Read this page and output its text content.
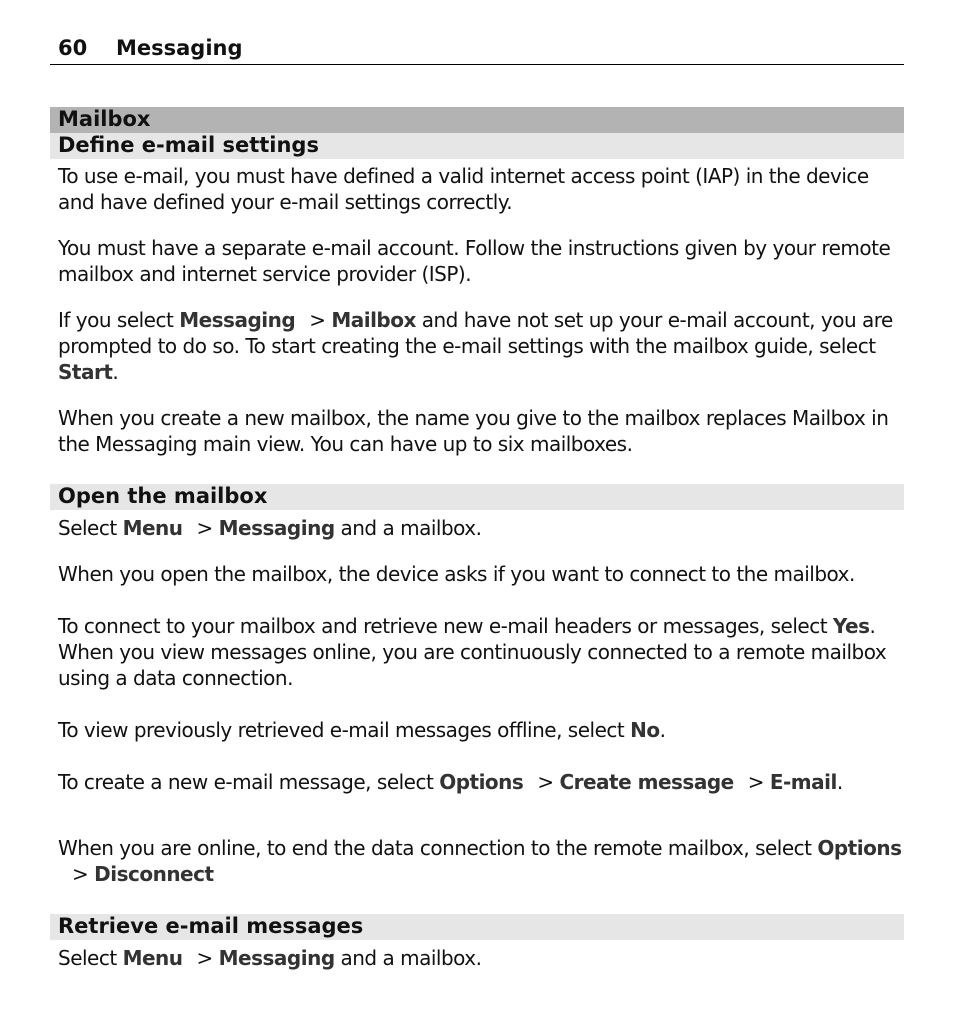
60 Messaging
Mailbox
Define e-mail settings

To use e-mail, you must have defined a valid internet access point (IAP) in the device and have defined your e-mail settings correctly.

You must have a separate e-mail account. Follow the instructions given by your remote mailbox and internet service provider (ISP).

If you select Messaging > Mailbox and have not set up your e-mail account, you are prompted to do so. To start creating the e-mail settings with the mailbox guide, select Start.

When you create a new mailbox, the name you give to the mailbox replaces Mailbox in the Messaging main view. You can have up to six mailboxes.

Open the mailbox

Select Menu > Messaging and a mailbox.

When you open the mailbox, the device asks if you want to connect to the mailbox.

To connect to your mailbox and retrieve new e-mail headers or messages, select Yes. When you view messages online, you are continuously connected to a remote mailbox using a data connection.

To view previously retrieved e-mail messages offline, select No.

To create a new e-mail message, select Options > Create message > E-mail.

When you are online, to end the data connection to the remote mailbox, select Options> Disconnect

Retrieve e-mail messages

Select Menu > Messaging and a mailbox.
